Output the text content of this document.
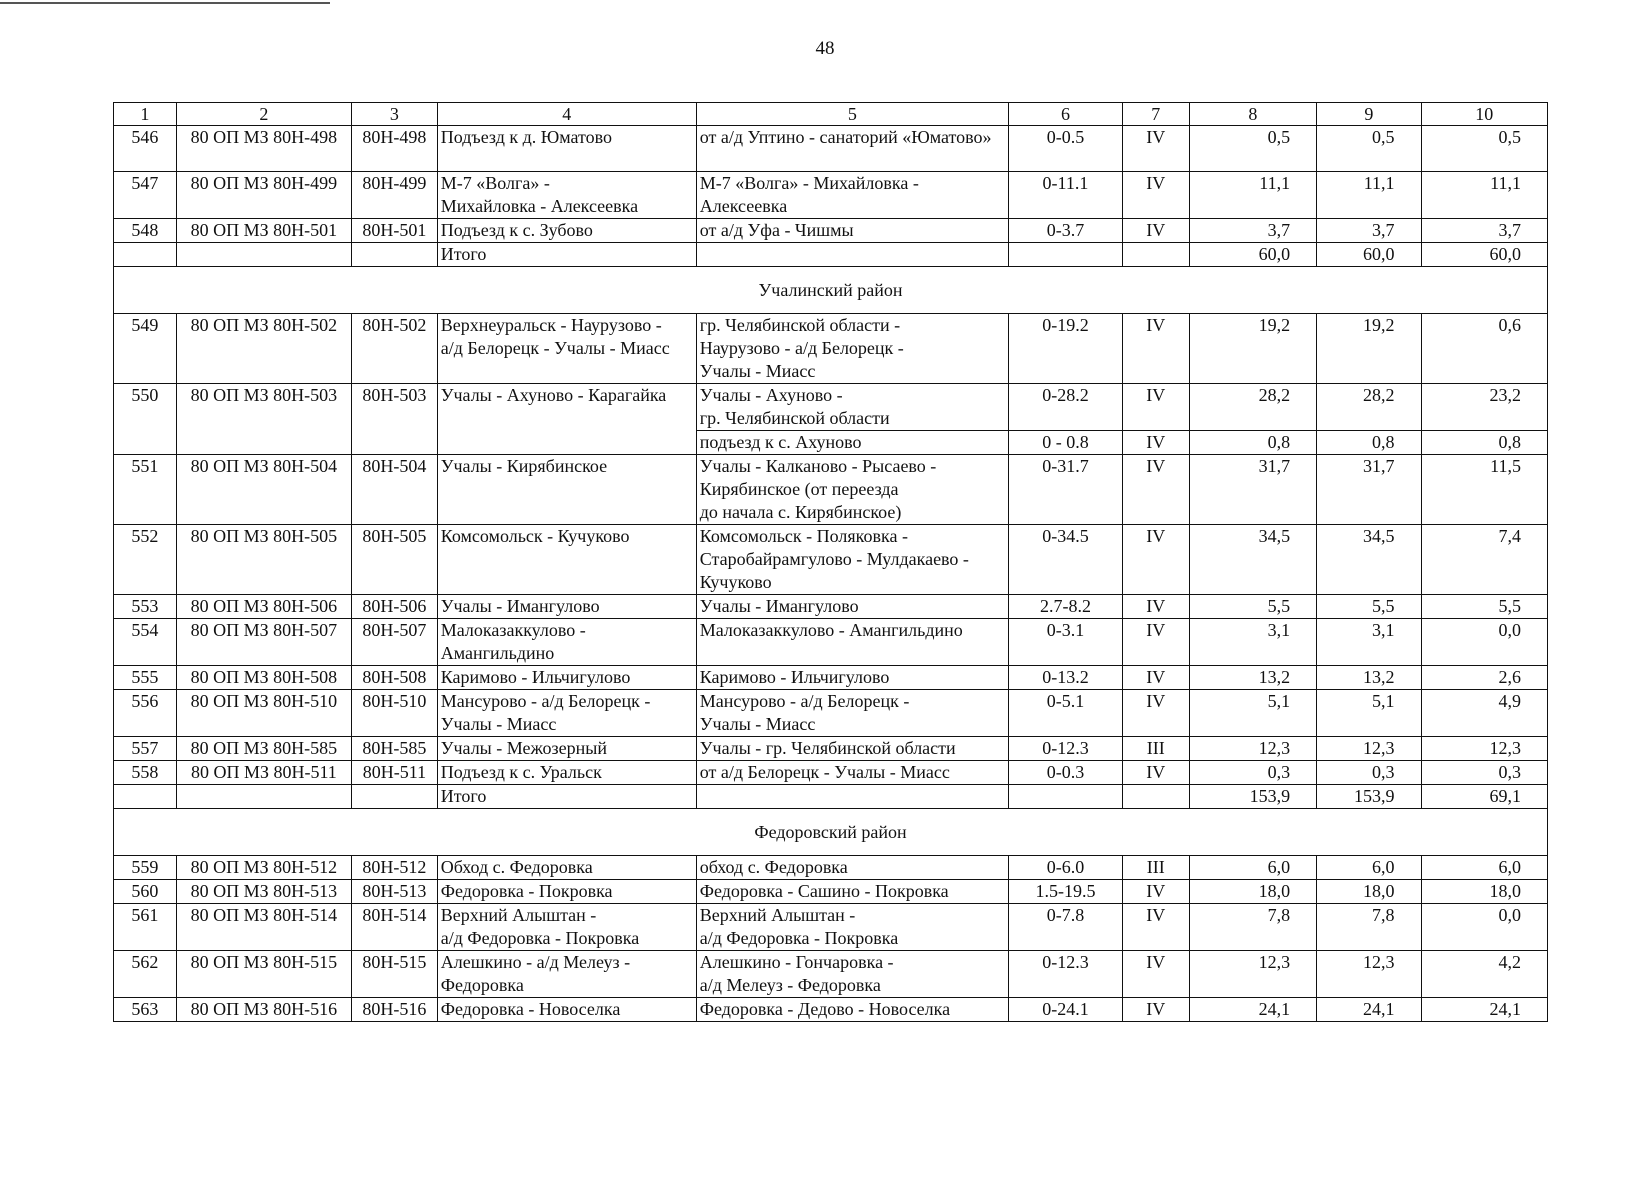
48
1	2	3	4	5	6	7	8	9	10
546	80 ОП МЗ 80Н-498	80Н-498	Подъезд к д. Юматово	от а/д Уптино - санаторий «Юматово»	0-0.5	IV	0,5	0,5	0,5
547	80 ОП МЗ 80Н-499	80Н-499	М-7 «Волга» -
Михайловка - Алексеевка	М-7 «Волга» - Михайловка -
Алексеевка	0-11.1	IV	11,1	11,1	11,1
548	80 ОП МЗ 80Н-501	80Н-501	Подъезд к с. Зубово	от а/д Уфа - Чишмы	0-3.7	IV	3,7	3,7	3,7
			Итого				60,0	60,0	60,0
Учалинский район									
549	80 ОП МЗ 80Н-502	80Н-502	Верхнеуральск - Наурузово -
а/д Белорецк - Учалы - Миасс	гр. Челябинской области -
Наурузово - а/д Белорецк -
Учалы - Миасс	0-19.2	IV	19,2	19,2	0,6
550	80 ОП МЗ 80Н-503	80Н-503	Учалы - Ахуново - Карагайка	Учалы - Ахуново -
гр. Челябинской области	0-28.2	IV	28,2	28,2	23,2

				подъезд к с. Ахуново	0 - 0.8	IV	0,8	0,8	0,8
551	80 ОП МЗ 80Н-504	80Н-504	Учалы - Кирябинское	Учалы - Калканово - Рысаево -
Кирябинское (от переезда
до начала с. Кирябинское)	0-31.7	IV	31,7	31,7	11,5
552	80 ОП МЗ 80Н-505	80Н-505	Комсомольск - Кучуково	Комсомольск - Поляковка -
Старобайрамгулово - Мулдакаево -
Кучуково	0-34.5	IV	34,5	34,5	7,4
553	80 ОП МЗ 80Н-506	80Н-506	Учалы - Имангулово	Учалы - Имангулово	2.7-8.2	IV	5,5	5,5	5,5
554	80 ОП МЗ 80Н-507	80Н-507	Малоказаккулово -
Амангильдино	Малоказаккулово - Амангильдино	0-3.1	IV	3,1	3,1	0,0
555	80 ОП МЗ 80Н-508	80Н-508	Каримово - Ильчигулово	Каримово - Ильчигулово	0-13.2	IV	13,2	13,2	2,6
556	80 ОП МЗ 80Н-510	80Н-510	Мансурово - а/д Белорецк -
Учалы - Миасс	Мансурово - а/д Белорецк -
Учалы - Миасс	0-5.1	IV	5,1	5,1	4,9
557	80 ОП МЗ 80Н-585	80Н-585	Учалы - Межозерный	Учалы - гр. Челябинской области	0-12.3	III	12,3	12,3	12,3
558	80 ОП МЗ 80Н-511	80Н-511	Подъезд к с. Уральск	от а/д Белорецк - Учалы - Миасс	0-0.3	IV	0,3	0,3	0,3
			Итого				153,9	153,9	69,1
Федоровский район									
559	80 ОП МЗ 80Н-512	80Н-512	Обход с. Федоровка	обход с. Федоровка	0-6.0	III	6,0	6,0	6,0
560	80 ОП МЗ 80Н-513	80Н-513	Федоровка - Покровка	Федоровка - Сашино - Покровка	1.5-19.5	IV	18,0	18,0	18,0
561	80 ОП МЗ 80Н-514	80Н-514	Верхний Алыштан -
а/д Федоровка - Покровка	Верхний Алыштан -
а/д Федоровка - Покровка	0-7.8	IV	7,8	7,8	0,0
562	80 ОП МЗ 80Н-515	80Н-515	Алешкино - а/д Мелеуз -
Федоровка	Алешкино - Гончаровка -
а/д Мелеуз - Федоровка	0-12.3	IV	12,3	12,3	4,2
563	80 ОП МЗ 80Н-516	80Н-516	Федоровка - Новоселка	Федоровка - Дедово - Новоселка	0-24.1	IV	24,1	24,1	24,1
